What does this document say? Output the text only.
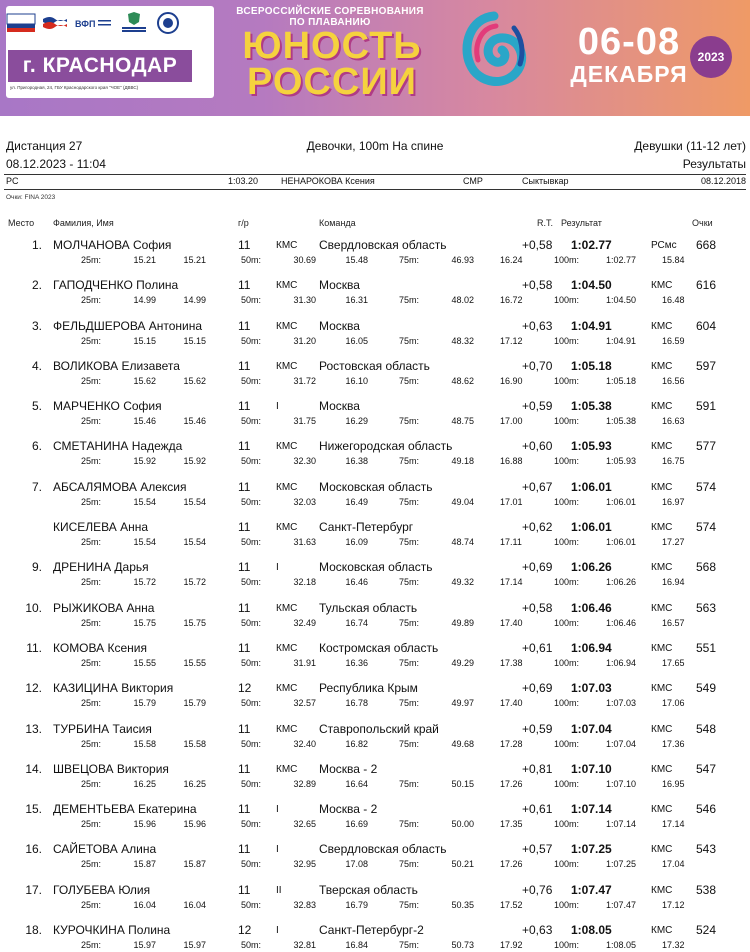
ВФП
г. КРАСНОДАР
ул. Пригородная, 24, ГБУ Краснодарского края "ЧОЕ" (ДВВС)
ВСЕРОССИЙСКИЕ СОРЕВНОВАНИЯ
ПО ПЛАВАНИЮ
ЮНОСТЬ
РОССИИ
06-08
ДЕКАБРЯ
2023
Дистанция 27
08.12.2023 - 11:04
Девочки, 100m На спине	Девушки (11-12 лет)
Результаты
PC	1:03.20	НЕНАРОКОВА Ксения	СМР	Сыктывкар	08.12.2018
Очки: FINA 2023
Место Фамилия, Имя	г/р	Команда	R.T. Результат	Очки
1. МОЛЧАНОВА София	11	КМС Свердловская область	+0,58 1:02.77	РСмс 668
25m:	15.21	15.21	50m:	30.69	15.48	75m:	46.93	16.24	100m:	1:02.77	15.84
2. ГАПОДЧЕНКО Полина	11	КМС Москва	+0,58 1:04.50	КМС 616
25m:	14.99	14.99	50m:	31.30	16.31	75m:	48.02	16.72	100m:	1:04.50	16.48
3. ФЕЛЬДШЕРОВА Антонина	11	КМС Москва	+0,63 1:04.91	КМС 604
25m:	15.15	15.15	50m:	31.20	16.05	75m:	48.32	17.12	100m:	1:04.91	16.59
4. ВОЛИКОВА Елизавета	11	КМС Ростовская область	+0,70 1:05.18	КМС 597
25m:	15.62	15.62	50m:	31.72	16.10	75m:	48.62	16.90	100m:	1:05.18	16.56
5. МАРЧЕНКО София	11	I	Москва	+0,59 1:05.38	КМС 591
25m:	15.46	15.46	50m:	31.75	16.29	75m:	48.75	17.00	100m:	1:05.38	16.63
6. СМЕТАНИНА Надежда	11	КМС Нижегородская область	+0,60 1:05.93	КМС 577
25m:	15.92	15.92	50m:	32.30	16.38	75m:	49.18	16.88	100m:	1:05.93	16.75
7. АБСАЛЯМОВА Алексия	11	КМС Московская область	+0,67 1:06.01	КМС 574
25m:	15.54	15.54	50m:	32.03	16.49	75m:	49.04	17.01	100m:	1:06.01	16.97
КИСЕЛЕВА Анна	11	КМС Санкт-Петербург	+0,62 1:06.01	КМС 574
25m:	15.54	15.54	50m:	31.63	16.09	75m:	48.74	17.11	100m:	1:06.01	17.27
9. ДРЕНИНА Дарья	11	I	Московская область	+0,69 1:06.26	КМС 568
25m:	15.72	15.72	50m:	32.18	16.46	75m:	49.32	17.14	100m:	1:06.26	16.94
10. РЫЖИКОВА Анна	11	КМС Тульская область	+0,58 1:06.46	КМС 563
25m:	15.75	15.75	50m:	32.49	16.74	75m:	49.89	17.40	100m:	1:06.46	16.57
11. КОМОВА Ксения	11	КМС Костромская область	+0,61 1:06.94	КМС 551
25m:	15.55	15.55	50m:	31.91	16.36	75m:	49.29	17.38	100m:	1:06.94	17.65
12. КАЗИЦИНА Виктория	12 КМС Республика Крым	+0,69 1:07.03	КМС 549
25m:	15.79	15.79	50m:	32.57	16.78	75m:	49.97	17.40	100m:	1:07.03	17.06
13. ТУРБИНА Таисия	11	КМС Ставропольский край	+0,59 1:07.04	КМС 548
25m:	15.58	15.58	50m:	32.40	16.82	75m:	49.68	17.28	100m:	1:07.04	17.36
14. ШВЕЦОВА Виктория	11	КМС Москва - 2	+0,81 1:07.10	КМС 547
25m:	16.25	16.25	50m:	32.89	16.64	75m:	50.15	17.26	100m:	1:07.10	16.95
15. ДЕМЕНТЬЕВА Екатерина	11	I	Москва - 2	+0,61 1:07.14	КМС 546
25m:	15.96	15.96	50m:	32.65	16.69	75m:	50.00	17.35	100m:	1:07.14	17.14
16. САЙЕТОВА Алина	11	I	Свердловская область	+0,57 1:07.25	КМС 543
25m:	15.87	15.87	50m:	32.95	17.08	75m:	50.21	17.26	100m:	1:07.25	17.04
17. ГОЛУБЕВА Юлия	11	II	Тверская область	+0,76 1:07.47	КМС 538
25m:	16.04	16.04	50m:	32.83	16.79	75m:	50.35	17.52	100m:	1:07.47	17.12
18. КУРОЧКИНА Полина	12 I	Санкт-Петербург-2	+0,63 1:08.05	КМС 524
25m:	15.97	15.97	50m:	32.81	16.84	75m:	50.73	17.92	100m:	1:08.05	17.32
